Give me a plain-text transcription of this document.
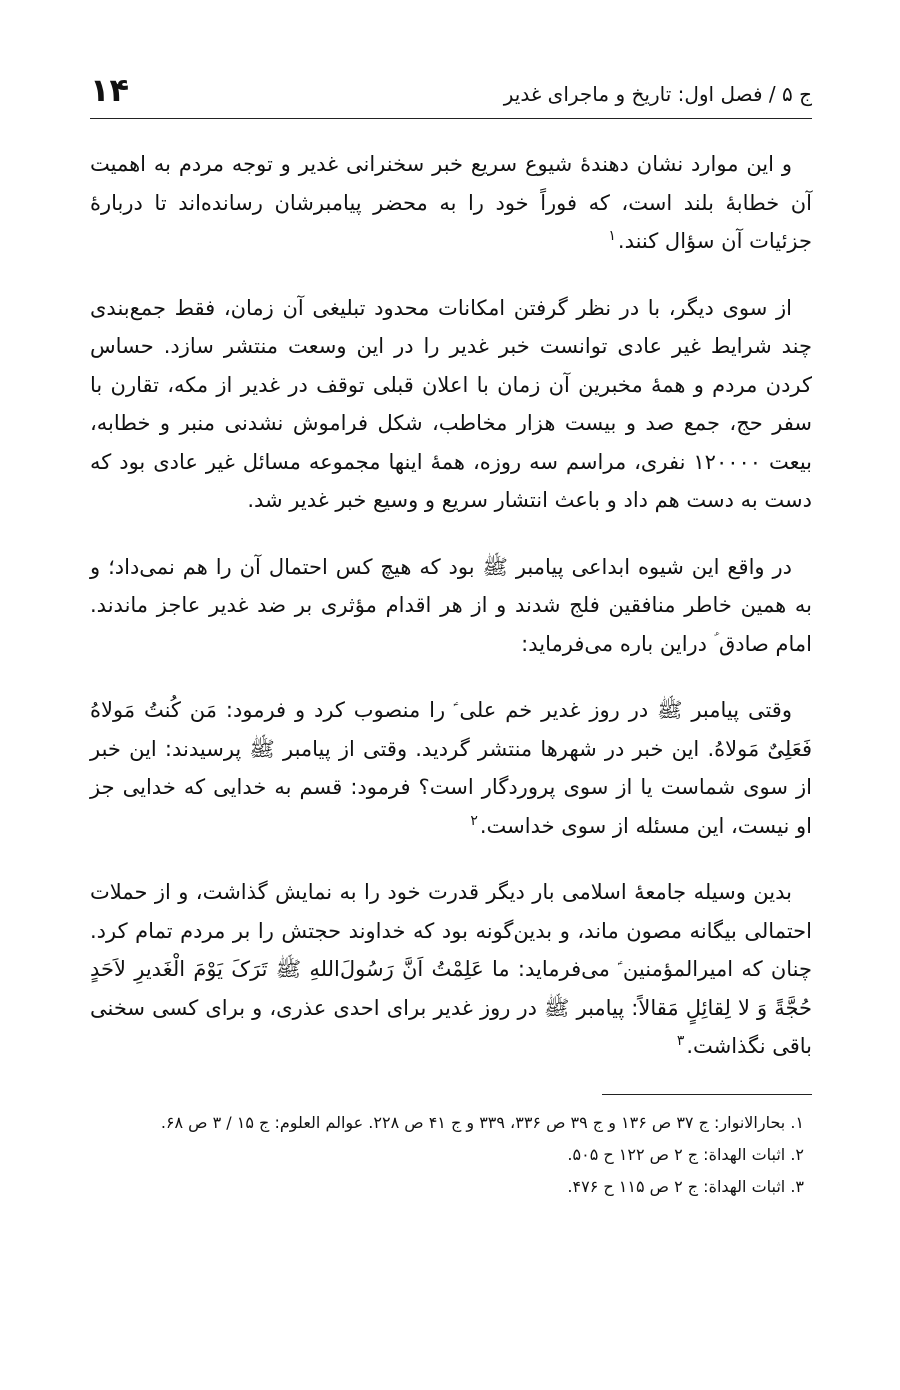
ج ۵ / فصل اول: تاریخ و ماجرای غدیر
۱۴

و این موارد نشان دهندهٔ شیوع سریع خبر سخنرانی غدیر و توجه مردم به اهمیت آن خطابهٔ بلند است، که فوراً خود را به محضر پیامبرشان رسانده‌اند تا دربارهٔ جزئیات آن سؤال کنند.$^۱$

از سوی دیگر، با در نظر گرفتن امکانات محدود تبلیغی آن زمان، فقط جمع‌بندی چند شرایط غیر عادی توانست خبر غدیر را در این وسعت منتشر سازد. حساس کردن مردم و همهٔ مخبرین آن زمان با اعلان قبلی توقف در غدیر از مکه، تقارن با سفر حج، جمع صد و بیست هزار مخاطب، شکل فراموش نشدنی منبر و خطابه، بیعت ۱۲۰۰۰۰ نفری، مراسم سه روزه، همهٔ اینها مجموعه مسائل غیر عادی بود که دست به دست هم داد و باعث انتشار سریع و وسیع خبر غدیر شد.

در واقع این شیوه ابداعی پیامبر ﷺ بود که هیچ کس احتمال آن را هم نمی‌داد؛ و به همین خاطر منافقین فلج شدند و از هر اقدام مؤثری بر ضد غدیر عاجز ماندند. امام صادق ؑ دراین باره می‌فرماید:

وقتی پیامبر ﷺ در روز غدیر خم علی ؑ را منصوب کرد و فرمود: مَن کُنتُ مَولاهُ فَعَلِیٌ مَولاهُ. این خبر در شهرها منتشر گردید. وقتی از پیامبر ﷺ پرسیدند: این خبر از سوی شماست یا از سوی پروردگار است؟ فرمود: قسم به خدایی که خدایی جز او نیست، این مسئله از سوی خداست.$^۲$

بدین وسیله جامعهٔ اسلامی بار دیگر قدرت خود را به نمایش گذاشت، و از حملات احتمالی بیگانه مصون ماند، و بدین‌گونه بود که خداوند حجتش را بر مردم تمام کرد. چنان که امیرالمؤمنین ؑ می‌فرماید: ما عَلِمْتُ اَنَّ رَسُولَ‌اللهِ ﷺ تَرَکَ یَوْمَ الْغَدیرِ لاَحَدٍ حُجَّةً وَ لا لِقائِلٍ مَقالاً: پیامبر ﷺ در روز غدیر برای احدی عذری، و برای کسی سخنی باقی نگذاشت.$^۳$

۱. بحارالانوار: ج ۳۷ ص ۱۳۶ و ج ۳۹ ص ۳۳۶، ۳۳۹ و ج ۴۱ ص ۲۲۸. عوالم العلوم: ج ۱۵ / ۳ ص ۶۸.

۲. اثبات الهداة: ج ۲ ص ۱۲۲ ح ۵۰۵.

۳. اثبات الهداة: ج ۲ ص ۱۱۵ ح ۴۷۶.
